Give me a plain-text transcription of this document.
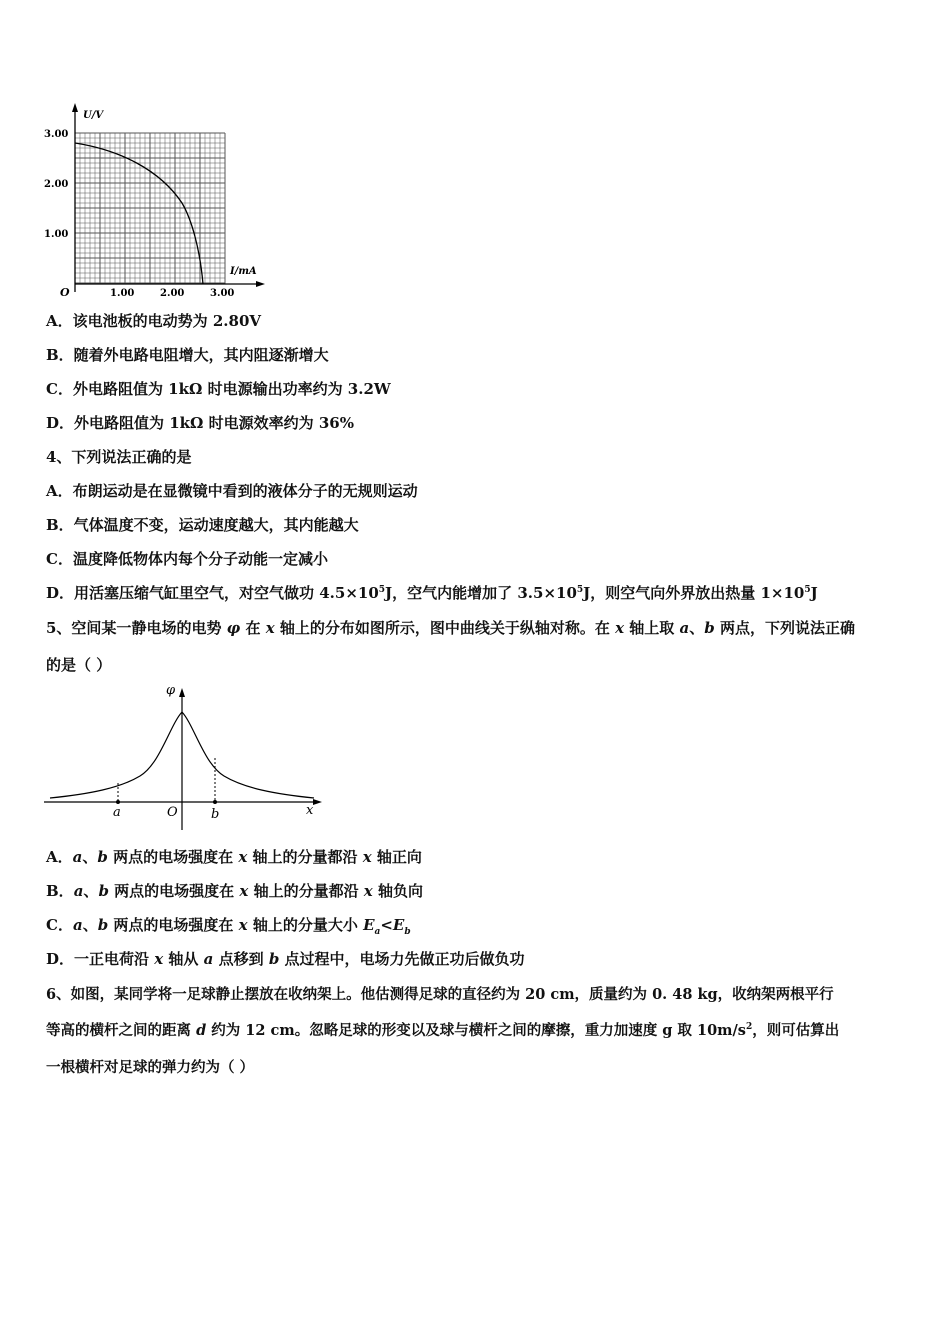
U/V
I/mA
O
3.00
2.00
1.00
1.00	2.00	3.00
A．该电池板的电动势为 2.80V
B．随着外电路电阻增大，其内阻逐渐增大
C．外电路阻值为 1kΩ 时电源输出功率约为 3.2W
D．外电路阻值为 1kΩ 时电源效率约为 36%
4、下列说法正确的是
A．布朗运动是在显微镜中看到的液体分子的无规则运动
B．气体温度不变，运动速度越大，其内能越大
C．温度降低物体内每个分子动能一定减小
D．用活塞压缩气缸里空气，对空气做功 $4.5\times 10^5J$，空气内能增加了 $3.5\times 10^5J$，则空气向外界放出热量 $1\times 10^5J$
5、空间某一静电场的电势 φ 在 x 轴上的分布如图所示，图中曲线关于纵轴对称。在 x 轴上取 a、b 两点，下列说法正确
的是（ ）
φ
a	O	b	x
A．a、b 两点的电场强度在 x 轴上的分量都沿 x 轴正向
B．a、b 两点的电场强度在 x 轴上的分量都沿 x 轴负向
C．a、b 两点的电场强度在 x 轴上的分量大小 $E_a<E_b$
D．一正电荷沿 x 轴从 a 点移到 b 点过程中，电场力先做正功后做负功
6、如图，某同学将一足球静止摆放在收纳架上。他估测得足球的直径约为 20 cm，质量约为 0. 48 kg，收纳架两根平行
等高的横杆之间的距离 d 约为 12 cm。忽略足球的形变以及球与横杆之间的摩擦，重力加速度 g 取 $10m/s^2$，则可估算出
一根横杆对足球的弹力约为（ ）
